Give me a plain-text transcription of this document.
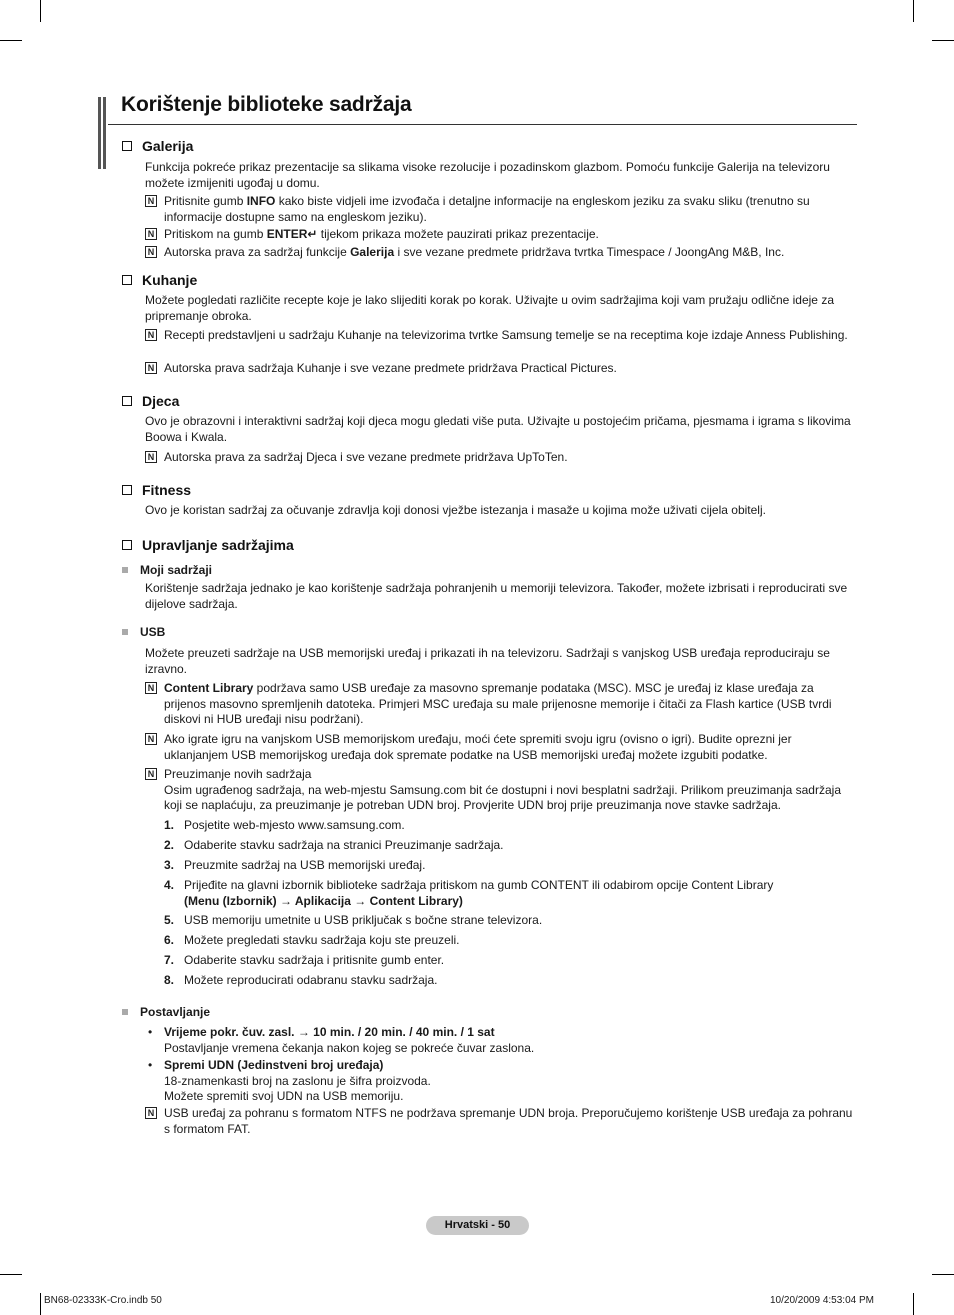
Korištenje biblioteke sadržaja
Galerija
Funkcija pokreće prikaz prezentacije sa slikama visoke rezolucije i pozadinskom glazbom. Pomoću funkcije Galerija na televizoru možete izmijeniti ugođaj u domu.
N Pritisnite gumb INFO kako biste vidjeli ime izvođača i detaljne informacije na engleskom jeziku za svaku sliku (trenutno su informacije dostupne samo na engleskom jeziku).
N Pritiskom na gumb ENTER↵ tijekom prikaza možete pauzirati prikaz prezentacije.
N Autorska prava za sadržaj funkcije Galerija i sve vezane predmete pridržava tvrtka Timespace / JoongAng M&B, Inc.
Kuhanje
Možete pogledati različite recepte koje je lako slijediti korak po korak. Uživajte u ovim sadržajima koji vam pružaju odlične ideje za pripremanje obroka.
N Recepti predstavljeni u sadržaju Kuhanje na televizorima tvrtke Samsung temelje se na receptima koje izdaje Anness Publishing.
N Autorska prava sadržaja Kuhanje i sve vezane predmete pridržava Practical Pictures.
Djeca
Ovo je obrazovni i interaktivni sadržaj koji djeca mogu gledati više puta. Uživajte u postojećim pričama, pjesmama i igrama s likovima Boowa i Kwala.
N Autorska prava za sadržaj Djeca i sve vezane predmete pridržava UpToTen.
Fitness
Ovo je koristan sadržaj za očuvanje zdravlja koji donosi vježbe istezanja i masaže u kojima može uživati cijela obitelj.
Upravljanje sadržajima
Moji sadržaji
Korištenje sadržaja jednako je kao korištenje sadržaja pohranjenih u memoriji televizora. Također, možete izbrisati i reproducirati sve dijelove sadržaja.
USB
Možete preuzeti sadržaje na USB memorijski uređaj i prikazati ih na televizoru. Sadržaji s vanjskog USB uređaja reproduciraju se izravno.
N Content Library podržava samo USB uređaje za masovno spremanje podataka (MSC). MSC je uređaj iz klase uređaja za prijenos masovno spremljenih datoteka. Primjeri MSC uređaja su male prijenosne memorije i čitači za Flash kartice (USB tvrdi diskovi ni HUB uređaji nisu podržani).
N Ako igrate igru na vanjskom USB memorijskom uređaju, moći ćete spremiti svoju igru (ovisno o igri). Budite oprezni jer uklanjanjem USB memorijskog uređaja dok spremate podatke na USB memorijski uređaj možete izgubiti podatke.
N Preuzimanje novih sadržaja
Osim ugrađenog sadržaja, na web-mjestu Samsung.com bit će dostupni i novi besplatni sadržaji. Prilikom preuzimanja sadržaja koji se naplaćuju, za preuzimanje je potreban UDN broj. Provjerite UDN broj prije preuzimanja nove stavke sadržaja.
1. Posjetite web-mjesto www.samsung.com.
2. Odaberite stavku sadržaja na stranici Preuzimanje sadržaja.
3. Preuzmite sadržaj na USB memorijski uređaj.
4. Prijeđite na glavni izbornik biblioteke sadržaja pritiskom na gumb CONTENT ili odabirom opcije Content Library
(Menu (Izbornik) → Aplikacija → Content Library)
5. USB memoriju umetnite u USB priključak s bočne strane televizora.
6. Možete pregledati stavku sadržaja koju ste preuzeli.
7. Odaberite stavku sadržaja i pritisnite gumb enter.
8. Možete reproducirati odabranu stavku sadržaja.
Postavljanje
• Vrijeme pokr. čuv. zasl. → 10 min. / 20 min. / 40 min. / 1 sat
Postavljanje vremena čekanja nakon kojeg se pokreće čuvar zaslona.
• Spremi UDN (Jedinstveni broj uređaja)
18-znamenkasti broj na zaslonu je šifra proizvoda.
Možete spremiti svoj UDN na USB memoriju.
N USB uređaj za pohranu s formatom NTFS ne podržava spremanje UDN broja. Preporučujemo korištenje USB uređaja za pohranu s formatom FAT.
Hrvatski - 50
BN68-02333K-Cro.indb 50	10/20/2009 4:53:04 PM
